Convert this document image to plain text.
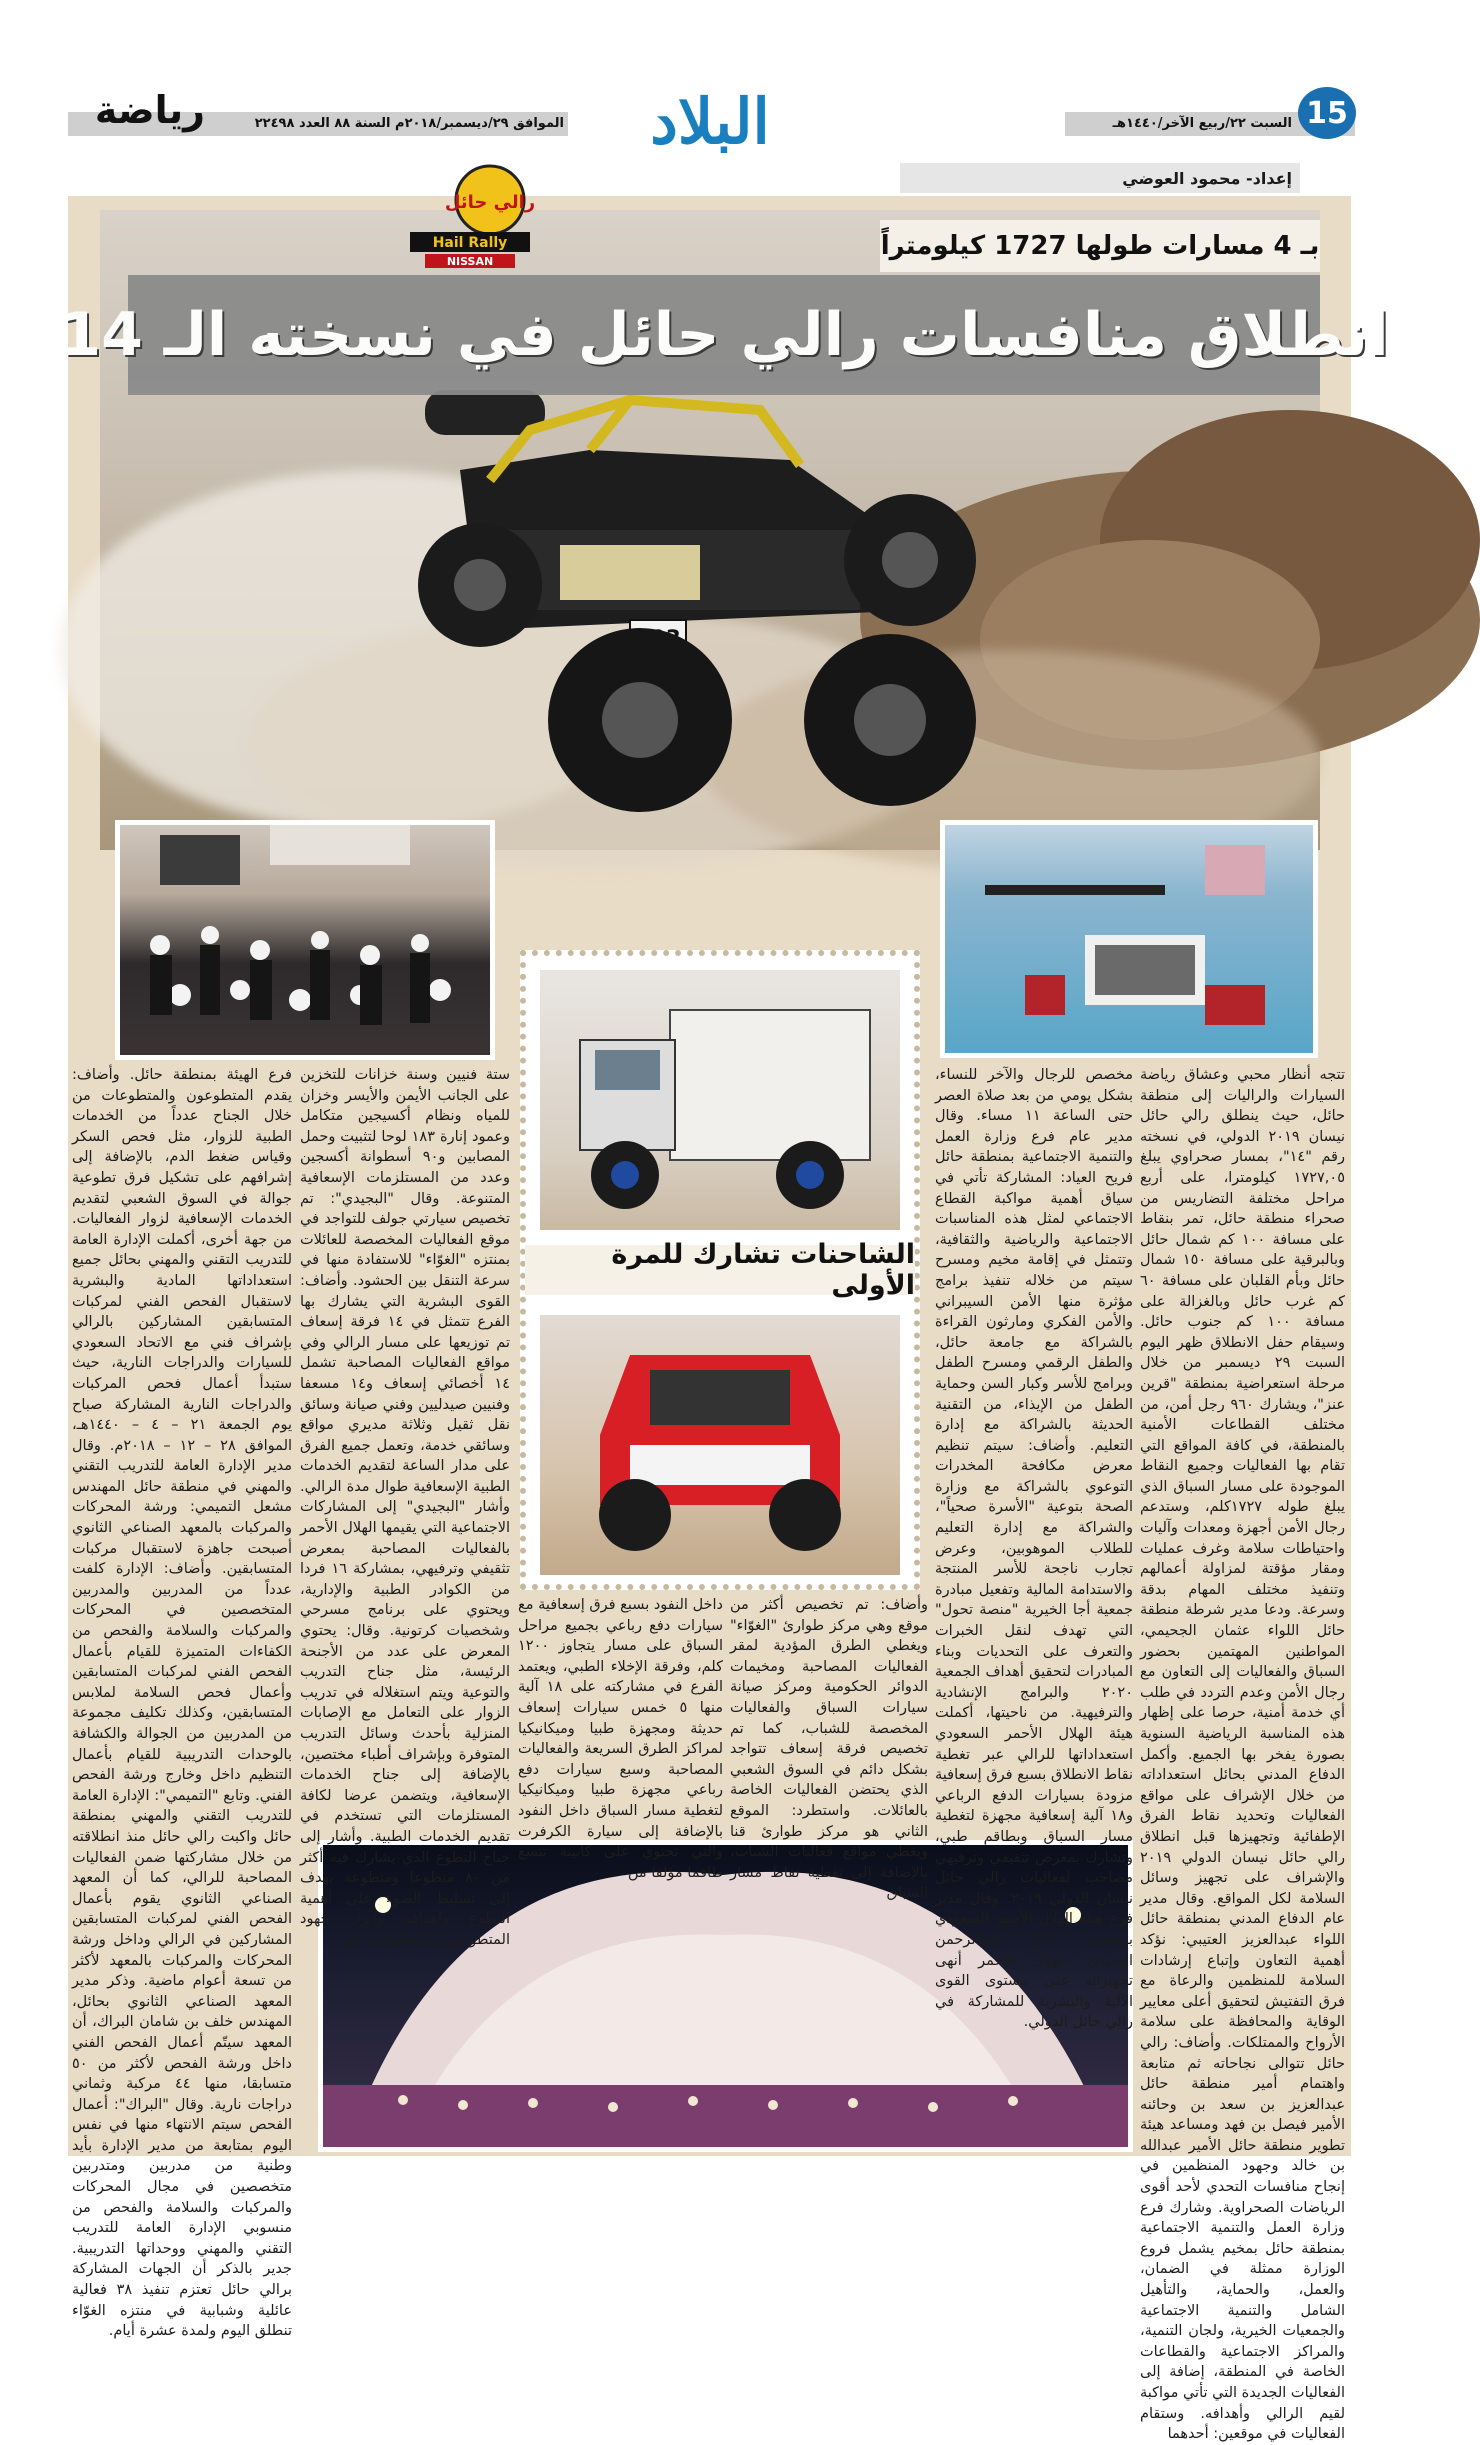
15
السبت ٢٢/ربيع الآخر/١٤٤٠هـ
الموافق ٢٩/ديسمبر/٢٠١٨م السنة ٨٨ العدد ٢٢٤٩٨
رياضة	البلاد
إعداد- محمود العوضي
رالي حائل
Hail Rally
NISSAN
بـ 4 مسارات طولها 1727 كيلومتراً
انطلاق منافسات رالي حائل في نسخته الـ 14
الشاحنات تشارك للمرة الأولى
تتجه أنظار محبي وعشاق رياضة السيارات والراليات إلى منطقة حائل، حيث ينطلق رالي حائل نيسان ٢٠١٩ الدولي، في نسخته رقم "١٤"، بمسار صحراوي يبلغ ١٧٢٧,٠٥ كيلومترا، على أربع مراحل مختلفة التضاريس من صحراء منطقة حائل، تمر بنقاط على مسافة ١٠٠ كم شمال حائل وبالبرقية على مسافة ١٥٠ شمال حائل وبأم القلبان على مسافة ٦٠ كم غرب حائل وبالغزالة على مسافة ١٠٠ كم جنوب حائل. وسيقام حفل الانطلاق ظهر اليوم السبت ٢٩ ديسمبر من خلال مرحلة استعراضية بمنطقة "قرين عنز"، ويشارك ٩٦٠ رجل أمن، من مختلف القطاعات الأمنية بالمنطقة، في كافة المواقع التي تقام بها الفعاليات وجميع النقاط الموجودة على مسار السباق الذي يبلغ طوله ١٧٢٧كلم، وستدعم رجال الأمن أجهزة ومعدات وآليات واحتياطات سلامة وغرف عمليات ومقار مؤقتة لمزاولة أعمالهم وتنفيذ مختلف المهام بدقة وسرعة. ودعا مدير شرطة منطقة حائل اللواء عثمان الجحيمي، المواطنين المهتمين بحضور السباق والفعاليات إلى التعاون مع رجال الأمن وعدم التردد في طلب أي خدمة أمنية، حرصا على إظهار هذه المناسبة الرياضية السنوية بصورة يفخر بها الجميع. وأكمل الدفاع المدني بحائل استعداداته من خلال الإشراف على مواقع الفعاليات وتحديد نقاط الفرق الإطفائية وتجهيزها قبل انطلاق رالي حائل نيسان الدولي ٢٠١٩ والإشراف على تجهيز وسائل السلامة لكل المواقع. وقال مدير عام الدفاع المدني بمنطقة حائل اللواء عبدالعزيز العتيبي: نؤكد أهمية التعاون وإتباع إرشادات السلامة للمنظمين والرعاة مع فرق التفتيش لتحقيق أعلى معايير الوقاية والمحافظة على سلامة الأرواح والممتلكات. وأضاف: رالي حائل تتوالى نجاحاته ثم متابعة واهتمام أمير منطقة حائل عبدالعزيز بن سعد بن وحائنه الأمير فيصل بن فهد ومساعد هيئة تطوير منطقة حائل الأمير عبدالله بن خالد وجهود المنظمين في إنجاح منافسات التحدي لأحد أقوى الرياضات الصحراوية. وشارك فرع وزارة العمل والتنمية الاجتماعية بمنطقة حائل بمخيم يشمل فروع الوزارة ممثلة في الضمان، والعمل، والحماية، والتأهيل الشامل والتنمية الاجتماعية والجمعيات الخيرية، ولجان التنمية، والمراكز الاجتماعية والقطاعات الخاصة في المنطقة، إضافة إلى الفعاليات الجديدة التي تأتي مواكبة لقيم الرالي وأهدافه. وستقام الفعاليات في موقعين: أحدهما
مخصص للرجال والآخر للنساء، بشكل يومي من بعد صلاة العصر حتى الساعة ١١ مساء. وقال مدير عام فرع وزارة العمل والتنمية الاجتماعية بمنطقة حائل فريح العياد: المشاركة تأتي في سياق أهمية مواكبة القطاع الاجتماعي لمثل هذه المناسبات الاجتماعية والرياضية والثقافية، وتتمثل في إقامة مخيم ومسرح سيتم من خلاله تنفيذ برامج مؤثرة منها الأمن السيبراني والأمن الفكري ومارثون القراءة بالشراكة مع جامعة حائل، والطفل الرقمي ومسرح الطفل وبرامج للأسر وكبار السن وحماية الطفل من الإيذاء، من التقنية الحديثة بالشراكة مع إدارة التعليم. وأضاف: سيتم تنظيم معرض مكافحة المخدرات التوعوي بالشراكة مع وزارة الصحة بتوعية "الأسرة صحياً"، والشراكة مع إدارة التعليم للطلاب الموهوبين، وعرض تجارب ناجحة للأسر المنتجة والاستدامة المالية وتفعيل مبادرة جمعية أجا الخيرية "منصة تحول" التي تهدف لنقل الخبرات والتعرف على التحديات وبناء المبادرات لتحقيق أهداف الجمعية ٢٠٢٠ والبرامج الإنشادية والترفيهية. من ناحيتها، أكملت هيئة الهلال الأحمر السعودي استعداداتها للرالي عبر تغطية نقاط الانطلاق بسبع فرق إسعافية مزودة بسيارات الدفع الرباعي و١٨ آلية إسعافية مجهزة لتغطية مسار السباق وبطاقم طبي، وتشارك بمعرض تثقيفي وترفيهي مصاحب لفعاليات رالي حائل نيسان الدولي ٢٠١٩. وقال مدير فرع هيئة الهلال الأحمر السعودي بمنطقة حائل عبدالرحمن البجيدي: الهلال الأحمر أنهى تجهيزاته على مستوى القوى الآلية والبشرية للمشاركة في رالي حائل الدولي.
وأضاف: تم تخصيص أكثر من موقع وهي مركز طوارئ "الغوّاء" ويغطي الطرق المؤدية لمقر الفعاليات المصاحبة ومخيمات الدوائر الحكومية ومركز صيانة سيارات السباق والفعاليات المخصصة للشباب، كما تم تخصيص فرقة إسعاف تتواجد بشكل دائم في السوق الشعبي الذي يحتضن الفعاليات الخاصة بالعائلات. واستطرد: الموقع الثاني هو مركز طوارئ قنا ويغطي مواقع فعاليات الشباب، بالإضافة إلى تغطية نقاط مسار السباق
داخل النفود بسبع فرق إسعافية مع سيارات دفع رباعي بجميع مراحل السباق على مسار يتجاوز ١٢٠٠ كلم، وفرقة الإخلاء الطبي، ويعتمد الفرع في مشاركته على ١٨ آلية منها ٥ خمس سيارات إسعاف حديثة ومجهزة طبيا وميكانيكيا لمراكز الطرق السريعة والفعاليات المصاحبة وسبع سيارات دفع رباعي مجهزة طبيا وميكانيكيا لتغطية مسار السباق داخل النفود بالإضافة إلى سيارة الكرفرت والتي تحتوي على كابينة تتسع طاقما مؤلفا من
ستة فنيين وسنة خزانات للتخزين على الجانب الأيمن والأيسر وخزان للمياه ونظام أكسيجين متكامل وعمود إنارة ١٨٣ لوحا لتثبيت وحمل المصابين و٩٠ أسطوانة أكسجين وعدد من المستلزمات الإسعافية المتنوعة. وقال "البجيدي": تم تخصيص سيارتي جولف للتواجد في موقع الفعاليات المخصصة للعائلات بمنتزه "الغوّاء" للاستفادة منها في سرعة التنقل بين الحشود. وأضاف: القوى البشرية التي يشارك بها الفرع تتمثل في ١٤ فرقة إسعاف تم توزيعها على مسار الرالي وفي مواقع الفعاليات المصاحبة تشمل ١٤ أخصائي إسعاف و١٤ مسعفا وفنيين صيدليين وفني صيانة وسائق نقل ثقيل وثلاثة مديري مواقع وسائقي خدمة، وتعمل جميع الفرق على مدار الساعة لتقديم الخدمات الطبية الإسعافية طوال مدة الرالي. وأشار "البجيدي" إلى المشاركات الاجتماعية التي يقيمها الهلال الأحمر بالفعاليات المصاحبة بمعرض تثقيفي وترفيهي، بمشاركة ١٦ فردا من الكوادر الطبية والإدارية، ويحتوي على برنامج مسرحي وشخصيات كرتونية. وقال: يحتوي المعرض على عدد من الأجنحة الرئيسة، مثل جناح التدريب والتوعية ويتم استغلاله في تدريب الزوار على التعامل مع الإصابات المنزلية بأحدث وسائل التدريب المتوفرة وبإشراف أطباء مختصين، بالإضافة إلى جناح الخدمات الإسعافية، ويتضمن عرضا لكافة المستلزمات التي تستخدم في تقديم الخدمات الطبية. وأشار إلى جناح التطوع الذي يشارك فيه أكثر من ٨٠ متطوعا ومتطوعة يهدف إلى تسليط الضوء على أهمية التطوع وأهدافه وإبراز جهود المتطوعين والمتطوعات في
فرع الهيئة بمنطقة حائل. وأضاف: يقدم المتطوعون والمتطوعات من خلال الجناح عدداً من الخدمات الطبية للزوار، مثل فحص السكر وقياس ضغط الدم، بالإضافة إلى إشرافهم على تشكيل فرق تطوعية جوالة في السوق الشعبي لتقديم الخدمات الإسعافية لزوار الفعاليات. من جهة أخرى، أكملت الإدارة العامة للتدريب التقني والمهني بحائل جميع استعداداتها المادية والبشرية لاستقبال الفحص الفني لمركبات المتسابقين المشاركين بالرالي بإشراف فني مع الاتحاد السعودي للسيارات والدراجات النارية، حيث ستبدأ أعمال فحص المركبات والدراجات النارية المشاركة صباح يوم الجمعة ٢١ – ٤ – ١٤٤٠هـ، الموافق ٢٨ – ١٢ – ٢٠١٨م. وقال مدير الإدارة العامة للتدريب التقني والمهني في منطقة حائل المهندس مشعل التميمي: ورشة المحركات والمركبات بالمعهد الصناعي الثانوي أصبحت جاهزة لاستقبال مركبات المتسابقين. وأضاف: الإدارة كلفت عدداً من المدربين والمدربين المتخصصين في المحركات والمركبات والسلامة والفحص من الكفاءات المتميزة للقيام بأعمال الفحص الفني لمركبات المتسابقين وأعمال فحص السلامة لملابس المتسابقين، وكذلك تكليف مجموعة من المدربين من الجوالة والكشافة بالوحدات التدريبية للقيام بأعمال التنظيم داخل وخارج ورشة الفحص الفني. وتابع "التميمي": الإدارة العامة للتدريب التقني والمهني بمنطقة حائل واكبت رالي حائل منذ انطلاقته من خلال مشاركتها ضمن الفعاليات المصاحبة للرالي، كما أن المعهد الصناعي الثانوي يقوم بأعمال الفحص الفني لمركبات المتسابقين المشاركين في الرالي وداخل ورشة المحركات والمركبات بالمعهد لأكثر من تسعة أعوام ماضية. وذكر مدير المعهد الصناعي الثانوي بحائل، المهندس خلف بن شامان البراك، أن المعهد سيتّم أعمال الفحص الفني داخل ورشة الفحص لأكثر من ٥٠ متسابقا، منها ٤٤ مركبة وثماني دراجات نارية. وقال "البراك": أعمال الفحص سيتم الانتهاء منها في نفس اليوم بمتابعة من مدير الإدارة بأيد وطنية من مدربين ومتدربين متخصصين في مجال المحركات والمركبات والسلامة والفحص من منسوبي الإدارة العامة للتدريب التقني والمهني ووحداتها التدريبية. جدير بالذكر أن الجهات المشاركة برالي حائل تعتزم تنفيذ ٣٨ فعالية عائلية وشبابية في منتزه الغوّاء تنطلق اليوم ولمدة عشرة أيام.
